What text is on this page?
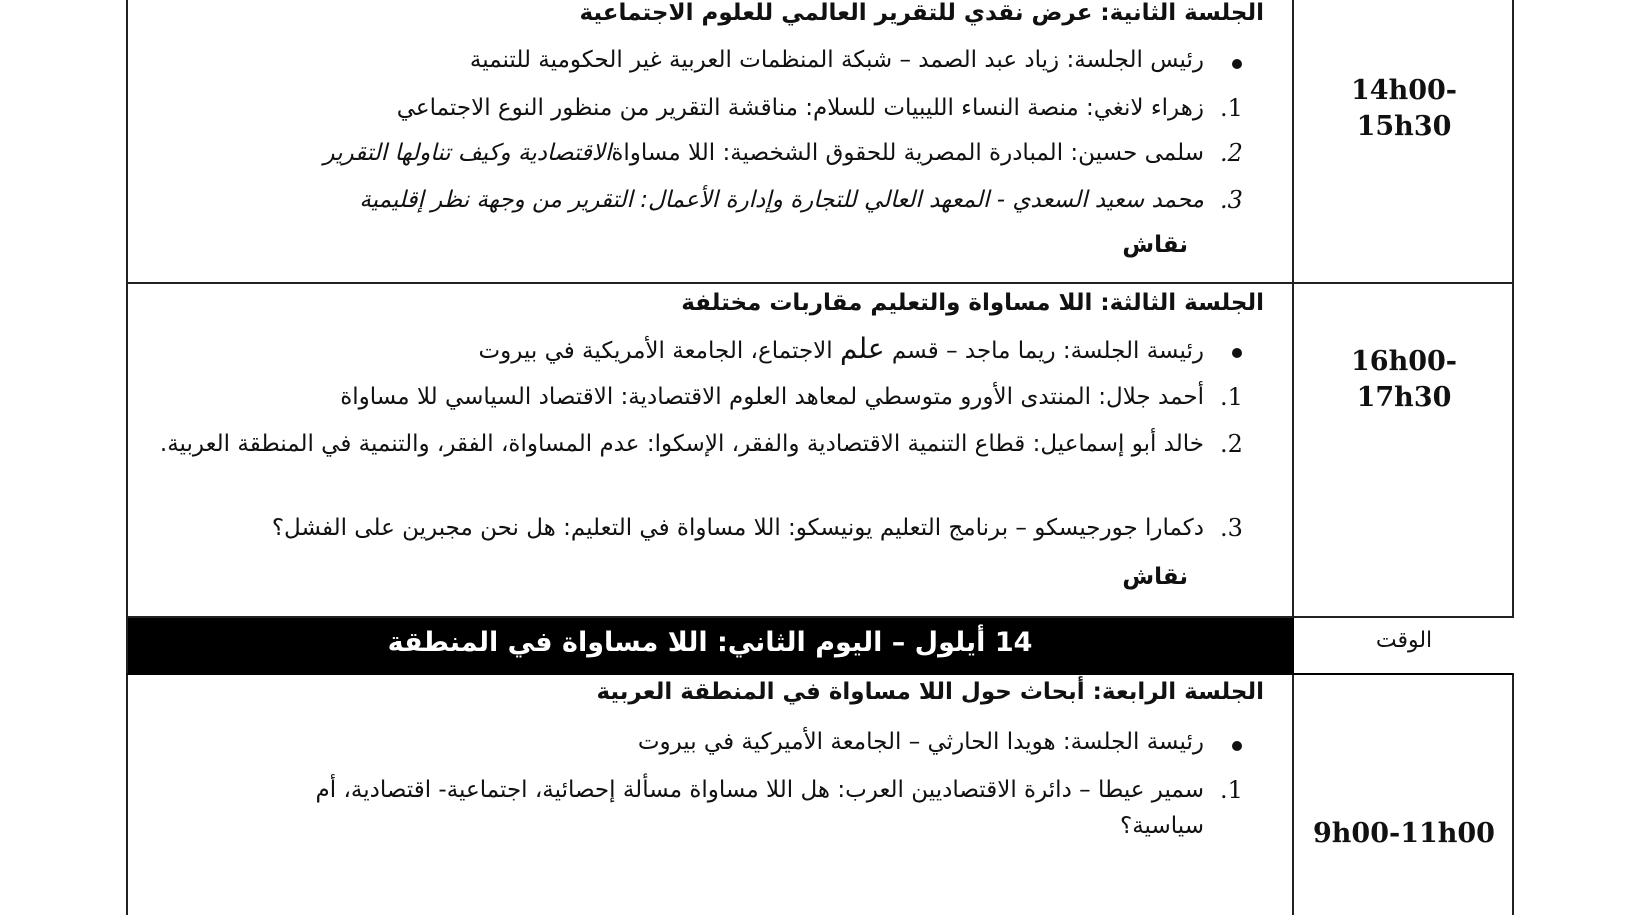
الجلسة الثانية: عرض نقدي للتقرير العالمي للعلوم الاجتماعية
رئيس الجلسة: زياد عبد الصمد – شبكة المنظمات العربية غير الحكومية للتنمية
1.
زهراء لانغي: منصة النساء الليبيات للسلام: مناقشة التقرير من منظور النوع الاجتماعي
2.
سلمى حسين: المبادرة المصرية للحقوق الشخصية: اللا مساواةالاقتصادية وكيف تناولها التقرير
3.
محمد سعيد السعدي - المعهد العالي للتجارة وإدارة الأعمال: التقرير من وجهة نظر إقليمية
نقاش
14h00-
15h30
الجلسة الثالثة: اللا مساواة والتعليم مقاربات مختلفة
رئيسة الجلسة: ريما ماجد – قسم علم الاجتماع، الجامعة الأمريكية في بيروت
1.
أحمد جلال: المنتدى الأورو متوسطي لمعاهد العلوم الاقتصادية: الاقتصاد السياسي للا مساواة
2.
خالد أبو إسماعيل: قطاع التنمية الاقتصادية والفقر، الإسكوا: عدم المساواة، الفقر، والتنمية في المنطقة العربية.
3.
دكمارا جورجيسكو – برنامج التعليم يونيسكو: اللا مساواة في التعليم: هل نحن مجبرين على الفشل؟
نقاش
16h00-
17h30
14 أيلول – اليوم الثاني: اللا مساواة في المنطقة	الوقت
الجلسة الرابعة: أبحاث حول اللا مساواة في المنطقة العربية
رئيسة الجلسة: هويدا الحارثي – الجامعة الأميركية في بيروت
1.
سمير عيطا – دائرة الاقتصاديين العرب: هل اللا مساواة مسألة إحصائية، اجتماعية- اقتصادية، أم سياسية؟	9h00-11h00
